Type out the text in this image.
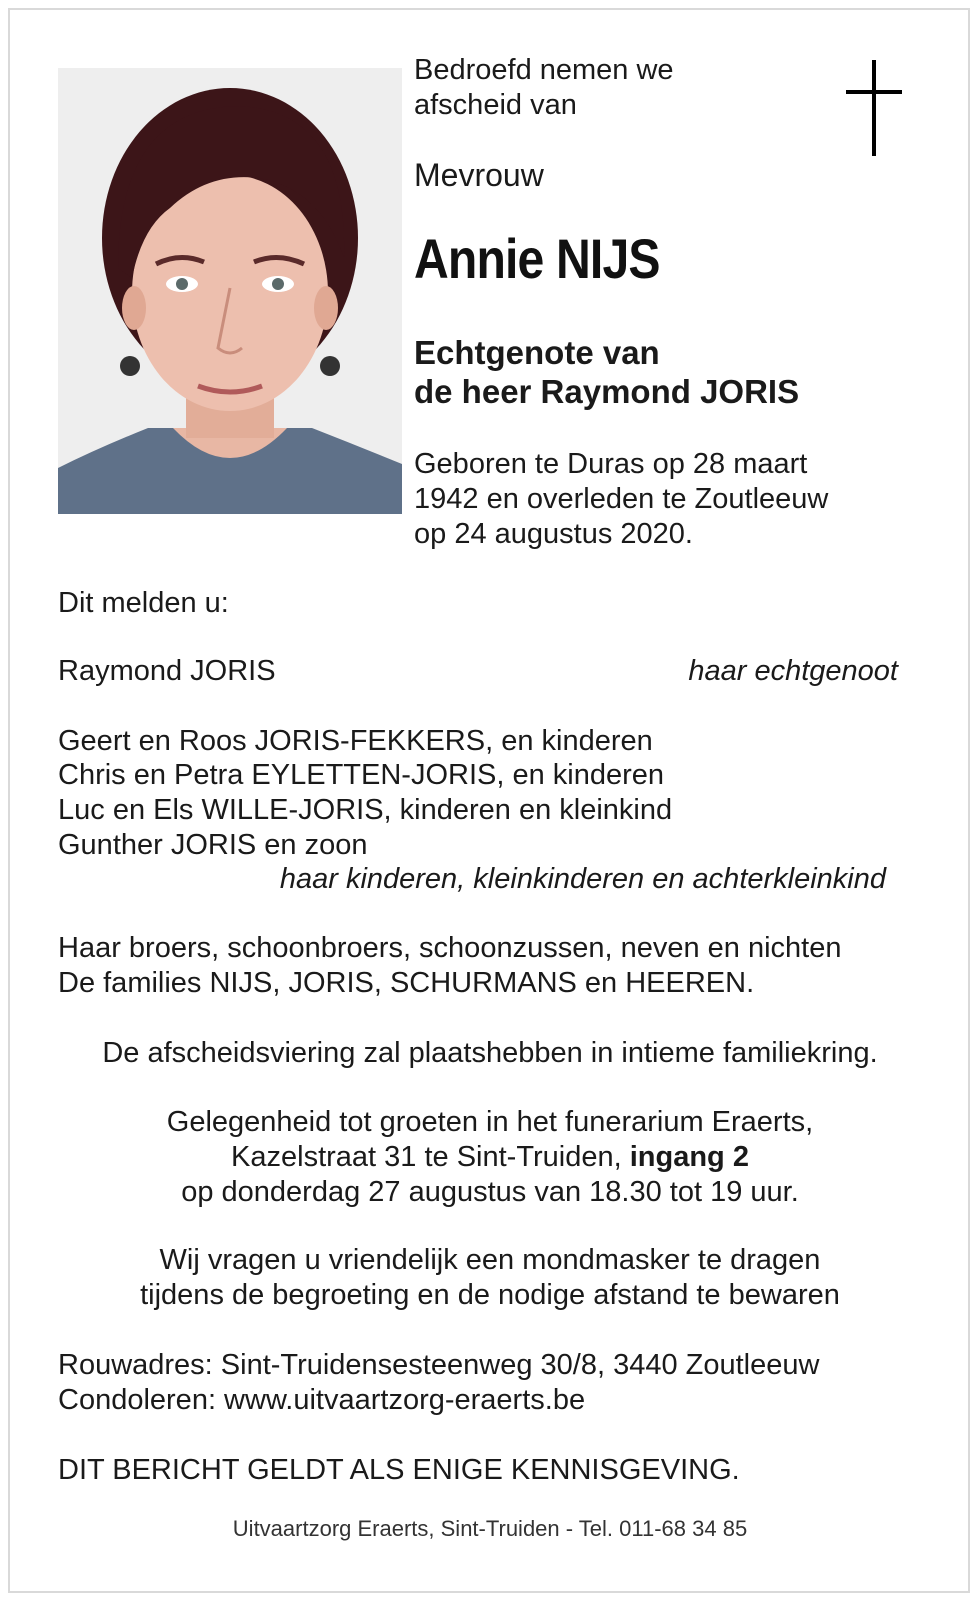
Bedroefd nemen we

afscheid van

Mevrouw

Annie NIJS

Echtgenote van

de heer Raymond JORIS

Geboren te Duras op 28 maart

1942 en overleden te Zoutleeuw

op 24 augustus 2020.

Dit melden u:

Raymond JORIS	haar echtgenoot

Geert en Roos JORIS-FEKKERS, en kinderen

Chris en Petra EYLETTEN-JORIS, en kinderen

Luc en Els WILLE-JORIS, kinderen en kleinkind

Gunther JORIS en zoon

haar kinderen, kleinkinderen en achterkleinkind

Haar broers, schoonbroers, schoonzussen, neven en nichten

De families NIJS, JORIS, SCHURMANS en HEEREN.

De afscheidsviering zal plaatshebben in intieme familiekring.

Gelegenheid tot groeten in het funerarium Eraerts,

Kazelstraat 31 te Sint-Truiden, ingang 2

op donderdag 27 augustus van 18.30 tot 19 uur.

Wij vragen u vriendelijk een mondmasker te dragen

tijdens de begroeting en de nodige afstand te bewaren

Rouwadres: Sint-Truidensesteenweg 30/8, 3440 Zoutleeuw

Condoleren: www.uitvaartzorg-eraerts.be

DIT BERICHT GELDT ALS ENIGE KENNISGEVING.

Uitvaartzorg Eraerts, Sint-Truiden - Tel. 011-68 34 85
